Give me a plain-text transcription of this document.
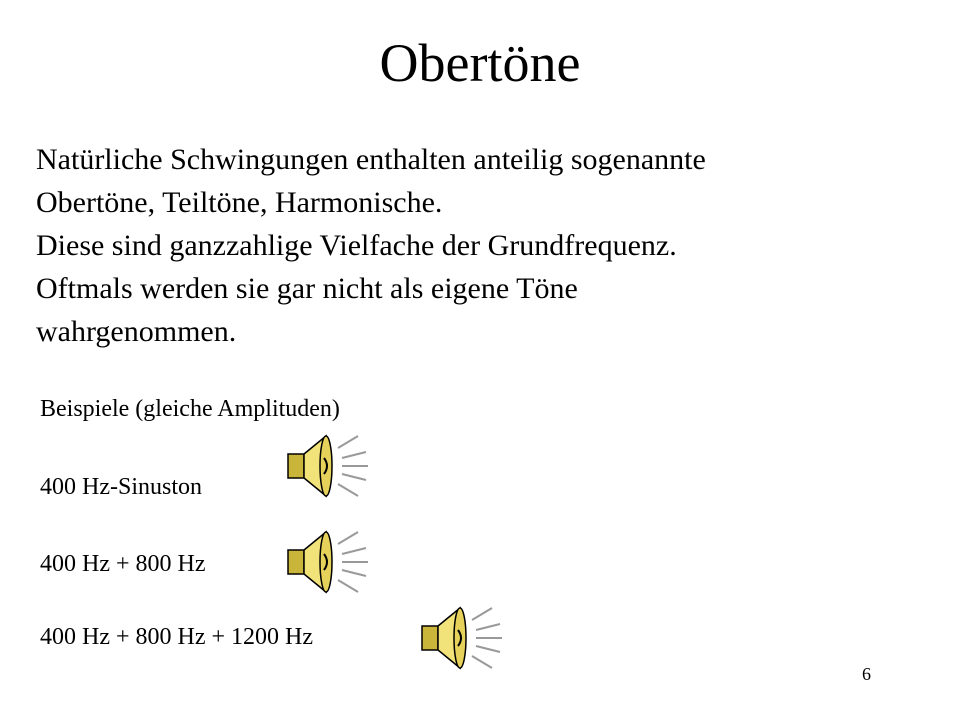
Obertöne
Natürliche Schwingungen enthalten anteilig sogenannte
Obertöne, Teiltöne, Harmonische.
Diese sind ganzzahlige Vielfache der Grundfrequenz.
Oftmals werden sie gar nicht als eigene Töne
wahrgenommen.
Beispiele (gleiche Amplituden)
400 Hz-Sinuston
400 Hz + 800 Hz
400 Hz + 800 Hz + 1200 Hz
6
